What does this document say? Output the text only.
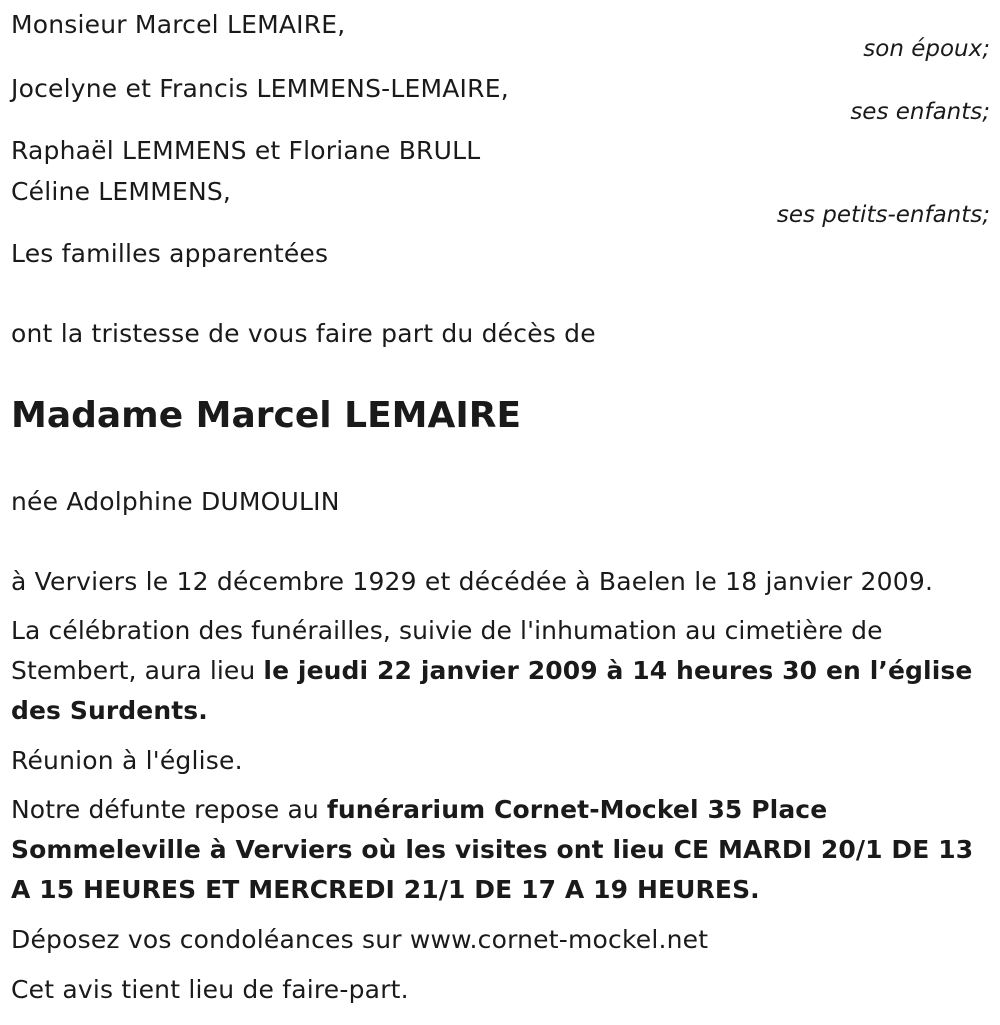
Monsieur Marcel LEMAIRE,
son époux;
Jocelyne et Francis LEMMENS-LEMAIRE,
ses enfants;
Raphaël LEMMENS et Floriane BRULL
Céline LEMMENS,
ses petits-enfants;
Les familles apparentées
ont la tristesse de vous faire part du décès de
Madame Marcel LEMAIRE
née Adolphine DUMOULIN
à Verviers le 12 décembre 1929 et décédée à Baelen le 18 janvier 2009.
La célébration des funérailles, suivie de l'inhumation au cimetière de Stembert, aura lieu le jeudi 22 janvier 2009 à 14 heures 30 en l’église des Surdents.
Réunion à l'église.
Notre défunte repose au funérarium Cornet-Mockel 35 Place Sommeleville à Verviers où les visites ont lieu CE MARDI 20/1 DE 13 A 15 HEURES ET MERCREDI 21/1 DE 17 A 19 HEURES.
Déposez vos condoléances sur www.cornet-mockel.net
Cet avis tient lieu de faire-part.
